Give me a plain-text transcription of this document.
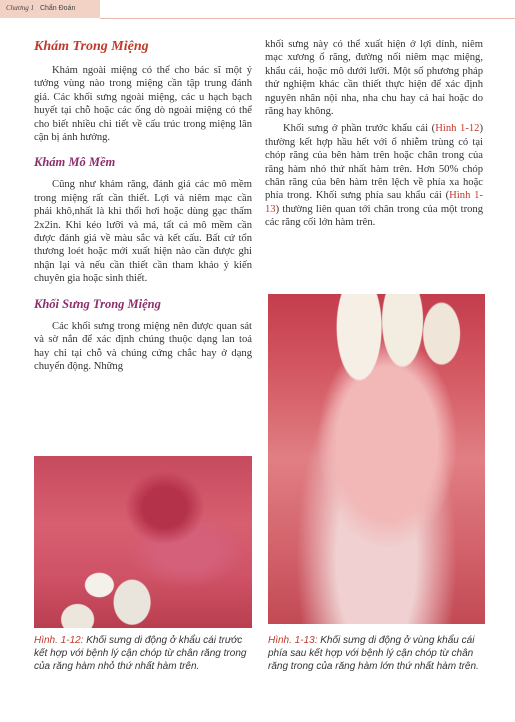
Chương 1 Chẩn Đoán
Khám Trong Miệng

Khám ngoài miệng có thể cho bác sĩ một ý tưởng vùng nào trong miệng cần tập trung đánh giá. Các khối sưng ngoài miệng, các u hạch bạch huyết tại chỗ hoặc các ống dò ngoài miệng có thể cho biết nhiều chi tiết về cấu trúc trong miệng lân cận bị ảnh hưởng.

Khám Mô Mềm

Cũng như khám răng, đánh giá các mô mềm trong miệng rất cần thiết. Lợi và niêm mạc cần phải khô,nhất là khi thổi hơi hoặc dùng gạc thấm 2x2in. Khi kéo lưỡi và má, tất cả mô mềm cần được đánh giá về màu sắc và kết cấu. Bất cứ tổn thương loét hoặc mới xuất hiện nào cần được ghi nhận lại và nếu cần thiết cần tham khảo ý kiến chuyên gia hoặc sinh thiết.

Khối Sưng Trong Miệng

Các khối sưng trong miệng nên được quan sát và sờ nắn để xác định chúng thuộc dạng lan toả hay chỉ tại chỗ và chúng cứng chắc hay ở dạng chuyển động. Những

khối sưng này có thể xuất hiện ở lợi dính, niêm mạc xương ổ răng, đường nối niêm mạc miệng, khẩu cái, hoặc mô dưới lưỡi. Một số phương pháp thử nghiệm khác cần thiết thực hiện để xác định nguyên nhân nội nha, nha chu hay cả hai hoặc do răng hay không.

Khối sưng ở phần trước khẩu cái (Hình 1-12) thường kết hợp hầu hết với ổ nhiễm trùng có tại chóp răng của bên hàm trên hoặc chân trong của răng hàm nhỏ thứ nhất hàm trên. Hơn 50% chóp chân răng của bên hàm trên lệch về phía xa hoặc phía trong. Khối sưng phía sau khẩu cái (Hình 1-13) thường liên quan tới chân trong của một trong các răng cối lớn hàm trên.

Hình. 1-12: Khối sưng di động ở khẩu cái trước kết hợp với bệnh lý cận chóp từ chân răng trong của răng hàm nhỏ thứ nhất hàm trên.
Hình. 1-13: Khối sưng di động ở vùng khẩu cái phía sau kết hợp với bệnh lý cận chóp từ chân răng trong của răng hàm lớn thứ nhất hàm trên.
